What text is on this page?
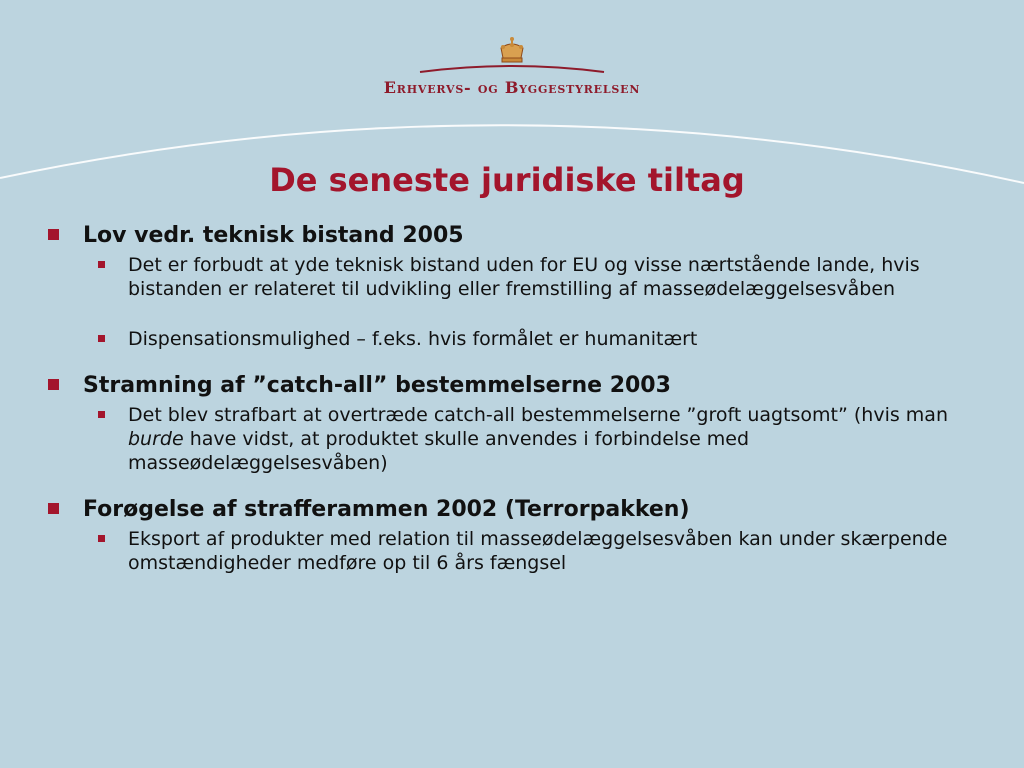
Erhvervs- og Byggestyrelsen
De seneste juridiske tiltag
Lov vedr. teknisk bistand 2005
Det er forbudt at yde teknisk bistand uden for EU og visse nærtstående lande, hvis bistanden er relateret til udvikling eller fremstilling af masseødelæggelsesvåben
Dispensationsmulighed – f.eks. hvis formålet er humanitært
Stramning af ”catch-all” bestemmelserne 2003
Det blev strafbart at overtræde catch-all bestemmelserne ”groft uagtsomt” (hvis man burde have vidst, at produktet skulle anvendes i forbindelse med masseødelæggelsesvåben)
Forøgelse af strafferammen 2002 (Terrorpakken)
Eksport af produkter med relation til masseødelæggelsesvåben kan under skærpende omstændigheder medføre op til 6 års fængsel
